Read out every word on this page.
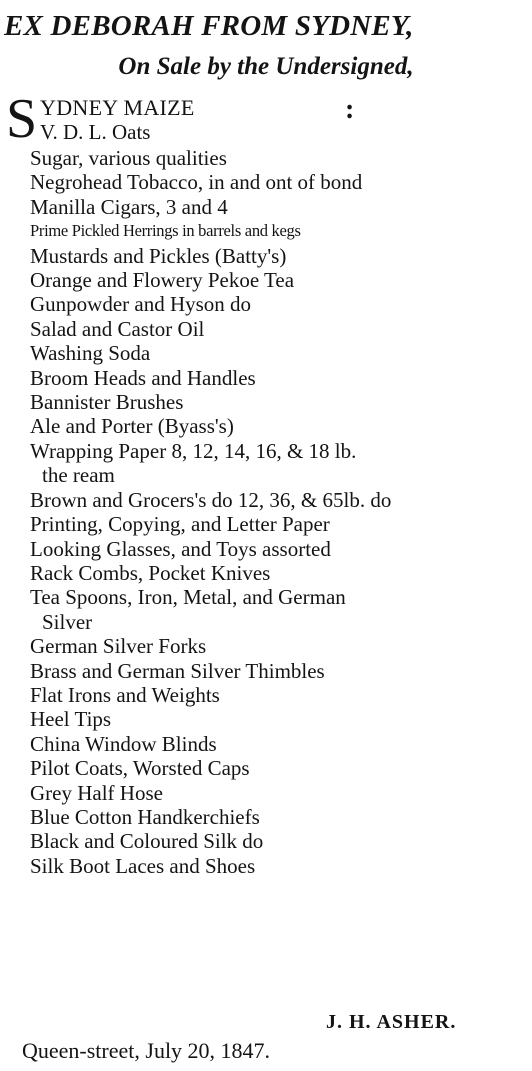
EX DEBORAH FROM SYDNEY,
On Sale by the Undersigned,
S YDNEY MAIZE	:
V. D. L. Oats
Sugar, various qualities
Negrohead Tobacco, in and ont of bond
Manilla Cigars, 3 and 4
Prime Pickled Herrings in barrels and kegs
Mustards and Pickles (Batty's)
Orange and Flowery Pekoe Tea
Gunpowder and Hyson do
Salad and Castor Oil
Washing Soda
Broom Heads and Handles
Bannister Brushes
Ale and Porter (Byass's)
Wrapping Paper 8, 12, 14, 16, & 18 lb.
the ream
Brown and Grocers's do 12, 36, & 65lb. do
Printing, Copying, and Letter Paper
Looking Glasses, and Toys assorted
Rack Combs, Pocket Knives
Tea Spoons, Iron, Metal, and German
Silver
German Silver Forks
Brass and German Silver Thimbles
Flat Irons and Weights
Heel Tips
China Window Blinds
Pilot Coats, Worsted Caps
Grey Half Hose
Blue Cotton Handkerchiefs
Black and Coloured Silk do
Silk Boot Laces and Shoes
J. H. ASHER.
Queen-street, July 20, 1847.
